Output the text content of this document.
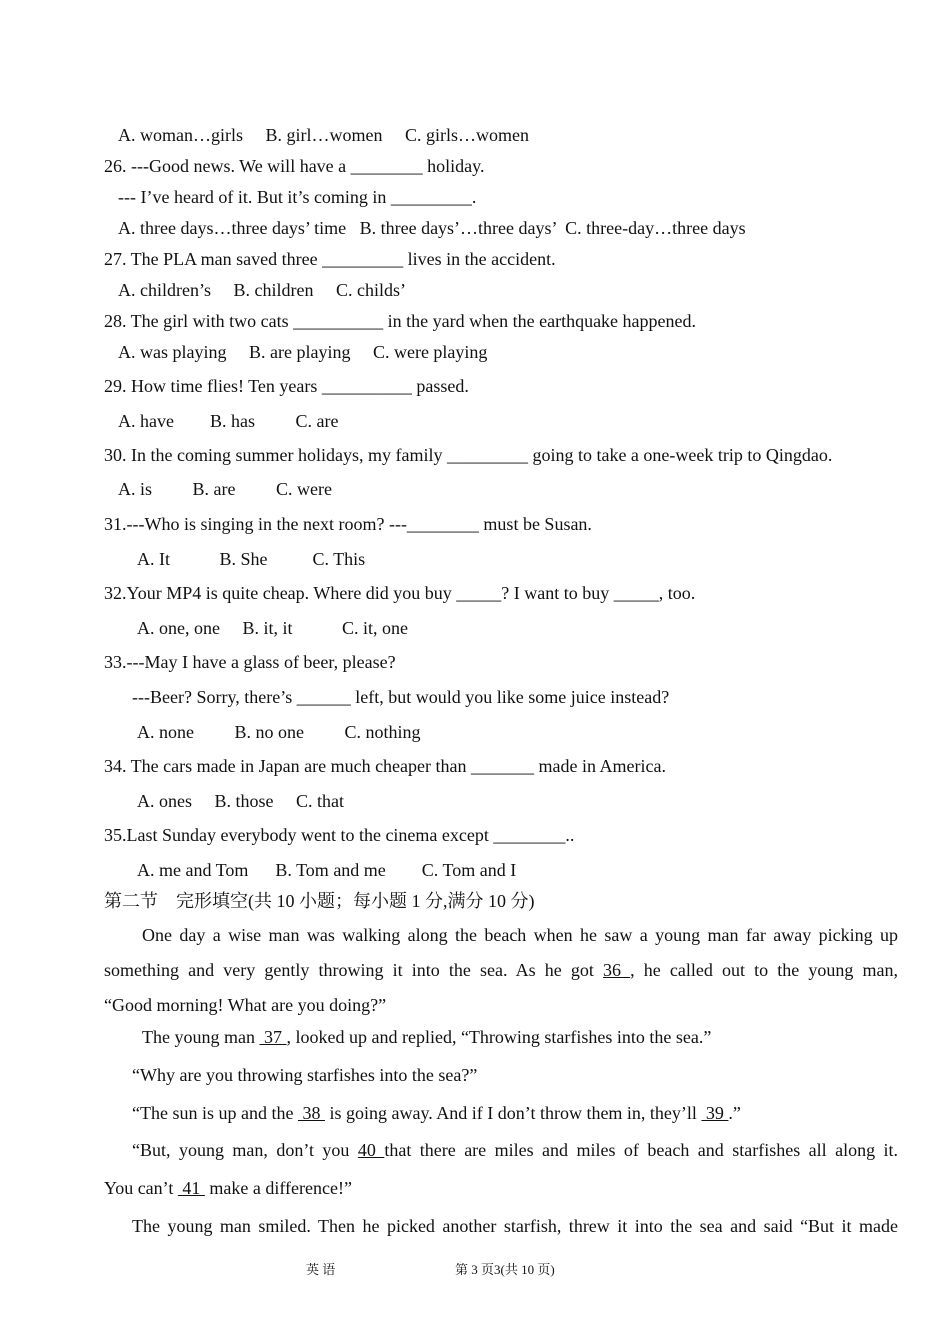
A. woman…girls     B. girl…women     C. girls…women
26. ---Good news. We will have a ________ holiday.
--- I’ve heard of it. But it’s coming in _________.
A. three days…three days’ time   B. three days’…three days’  C. three-day…three days
27. The PLA man saved three _________ lives in the accident.
A. children’s     B. children     C. childs’
28. The girl with two cats __________ in the yard when the earthquake happened.
A. was playing     B. are playing     C. were playing
29. How time flies! Ten years __________ passed.
A. have        B. has         C. are
30. In the coming summer holidays, my family _________ going to take a one-week trip to Qingdao.
A. is         B. are         C. were
31.---Who is singing in the next room? ---________ must be Susan.
A. It           B. She          C. This
32.Your MP4 is quite cheap. Where did you buy _____? I want to buy _____, too.
A. one, one     B. it, it           C. it, one
33.---May I have a glass of beer, please?
---Beer? Sorry, there’s ______ left, but would you like some juice instead?
A. none         B. no one         C. nothing
34. The cars made in Japan are much cheaper than _______ made in America.
A. ones     B. those     C. that
35.Last Sunday everybody went to the cinema except ________..
A. me and Tom      B. Tom and me        C. Tom and I
第二节    完形填空(共 10 小题；每小题 1 分,满分 10 分)
One day a wise man was walking along the beach when he saw a young man far away picking up
something and very gently throwing it into the sea. As he got 36 , he called out to the young man,
“Good morning! What are you doing?”
The young man  37 , looked up and replied, “Throwing starfishes into the sea.”
“Why are you throwing starfishes into the sea?”
“The sun is up and the  38  is going away. And if I don’t throw them in, they’ll  39 .”
“But, young man, don’t you 40 that there are miles and miles of beach and starfishes all along it.
You can’t  41  make a difference!”
The young man smiled. Then he picked another starfish, threw it into the sea and said “But it made
英 语	第 3 页3(共 10 页)
